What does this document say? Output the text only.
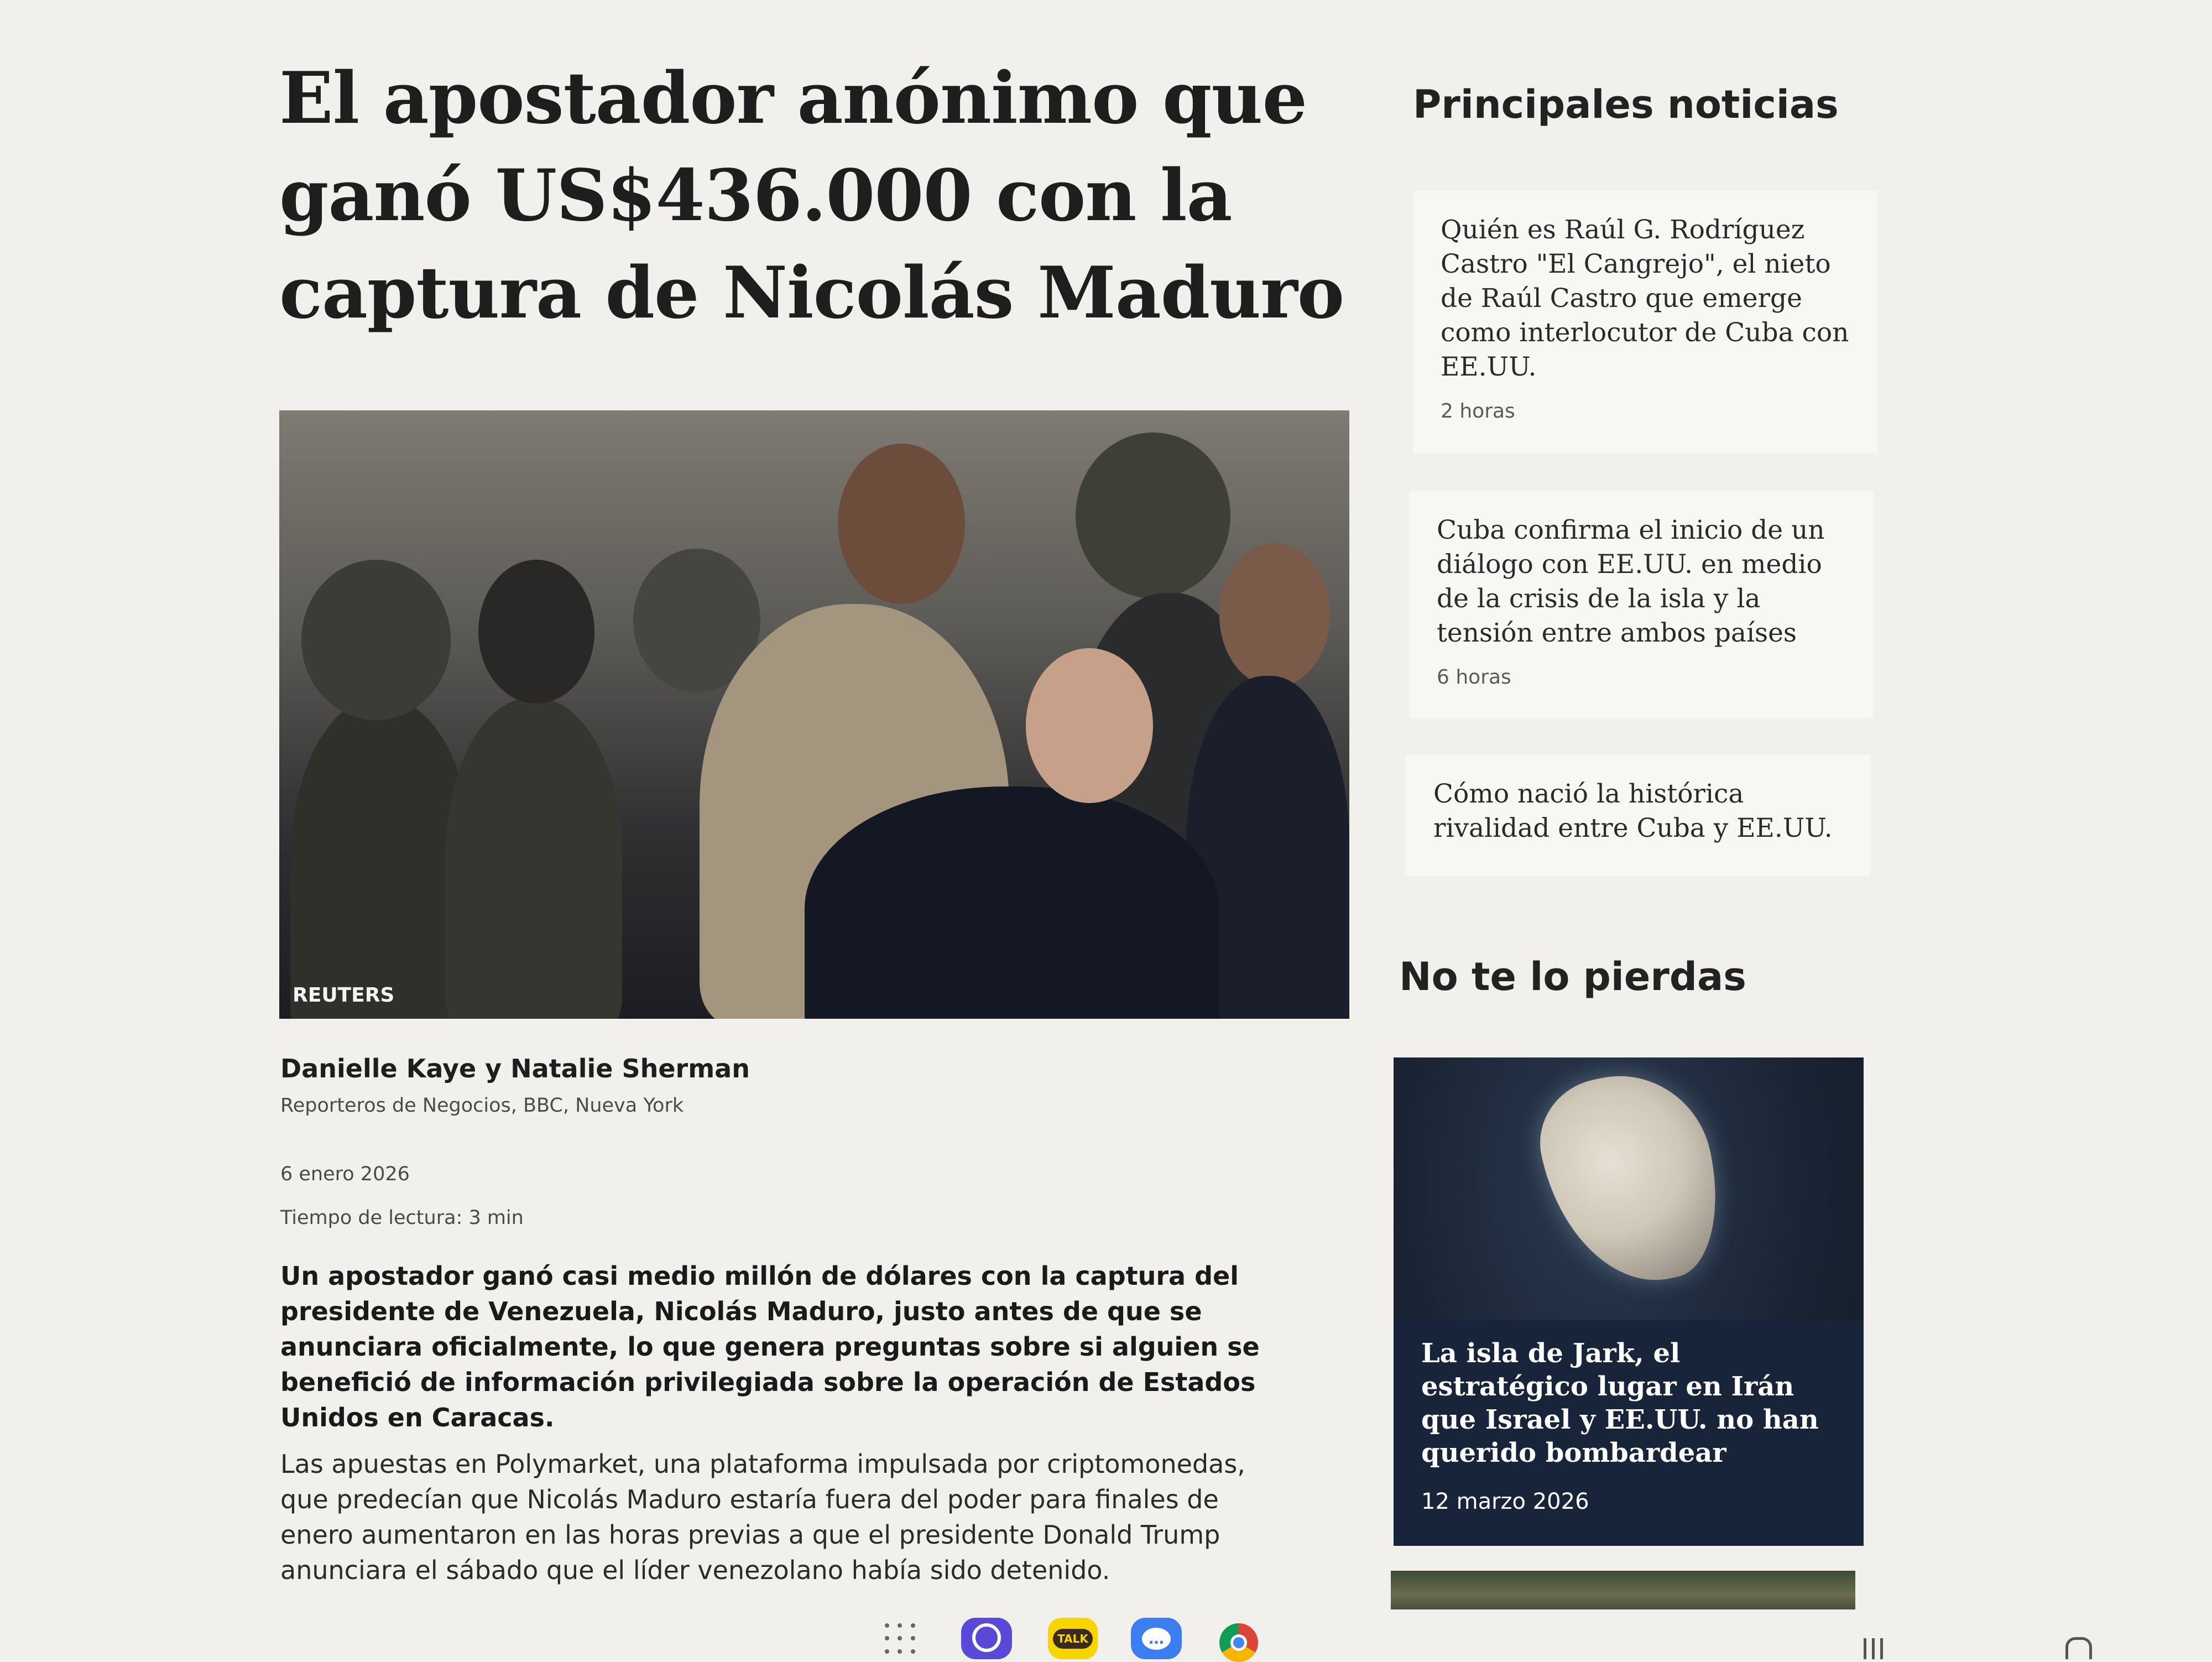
El apostador anónimo que
ganó US$436.000 con la
captura de Nicolás Maduro
REUTERS
Danielle Kaye y Natalie Sherman
Reporteros de Negocios, BBC, Nueva York
6 enero 2026
Tiempo de lectura: 3 min
Un apostador ganó casi medio millón de dólares con la captura del presidente de Venezuela, Nicolás Maduro, justo antes de que se anunciara oficialmente, lo que genera preguntas sobre si alguien se benefició de información privilegiada sobre la operación de Estados Unidos en Caracas.
Las apuestas en Polymarket, una plataforma impulsada por criptomonedas, que predecían que Nicolás Maduro estaría fuera del poder para finales de enero aumentaron en las horas previas a que el presidente Donald Trump anunciara el sábado que el líder venezolano había sido detenido.
Principales noticias
Quién es Raúl G. Rodríguez Castro "El Cangrejo", el nieto de Raúl Castro que emerge como interlocutor de Cuba con EE.UU.
2 horas
Cuba confirma el inicio de un diálogo con EE.UU. en medio de la crisis de la isla y la tensión entre ambos países
6 horas
Cómo nació la histórica rivalidad entre Cuba y EE.UU.
No te lo pierdas
La isla de Jark, el estratégico lugar en Irán que Israel y EE.UU. no han querido bombardear
12 marzo 2026
TALK	…
